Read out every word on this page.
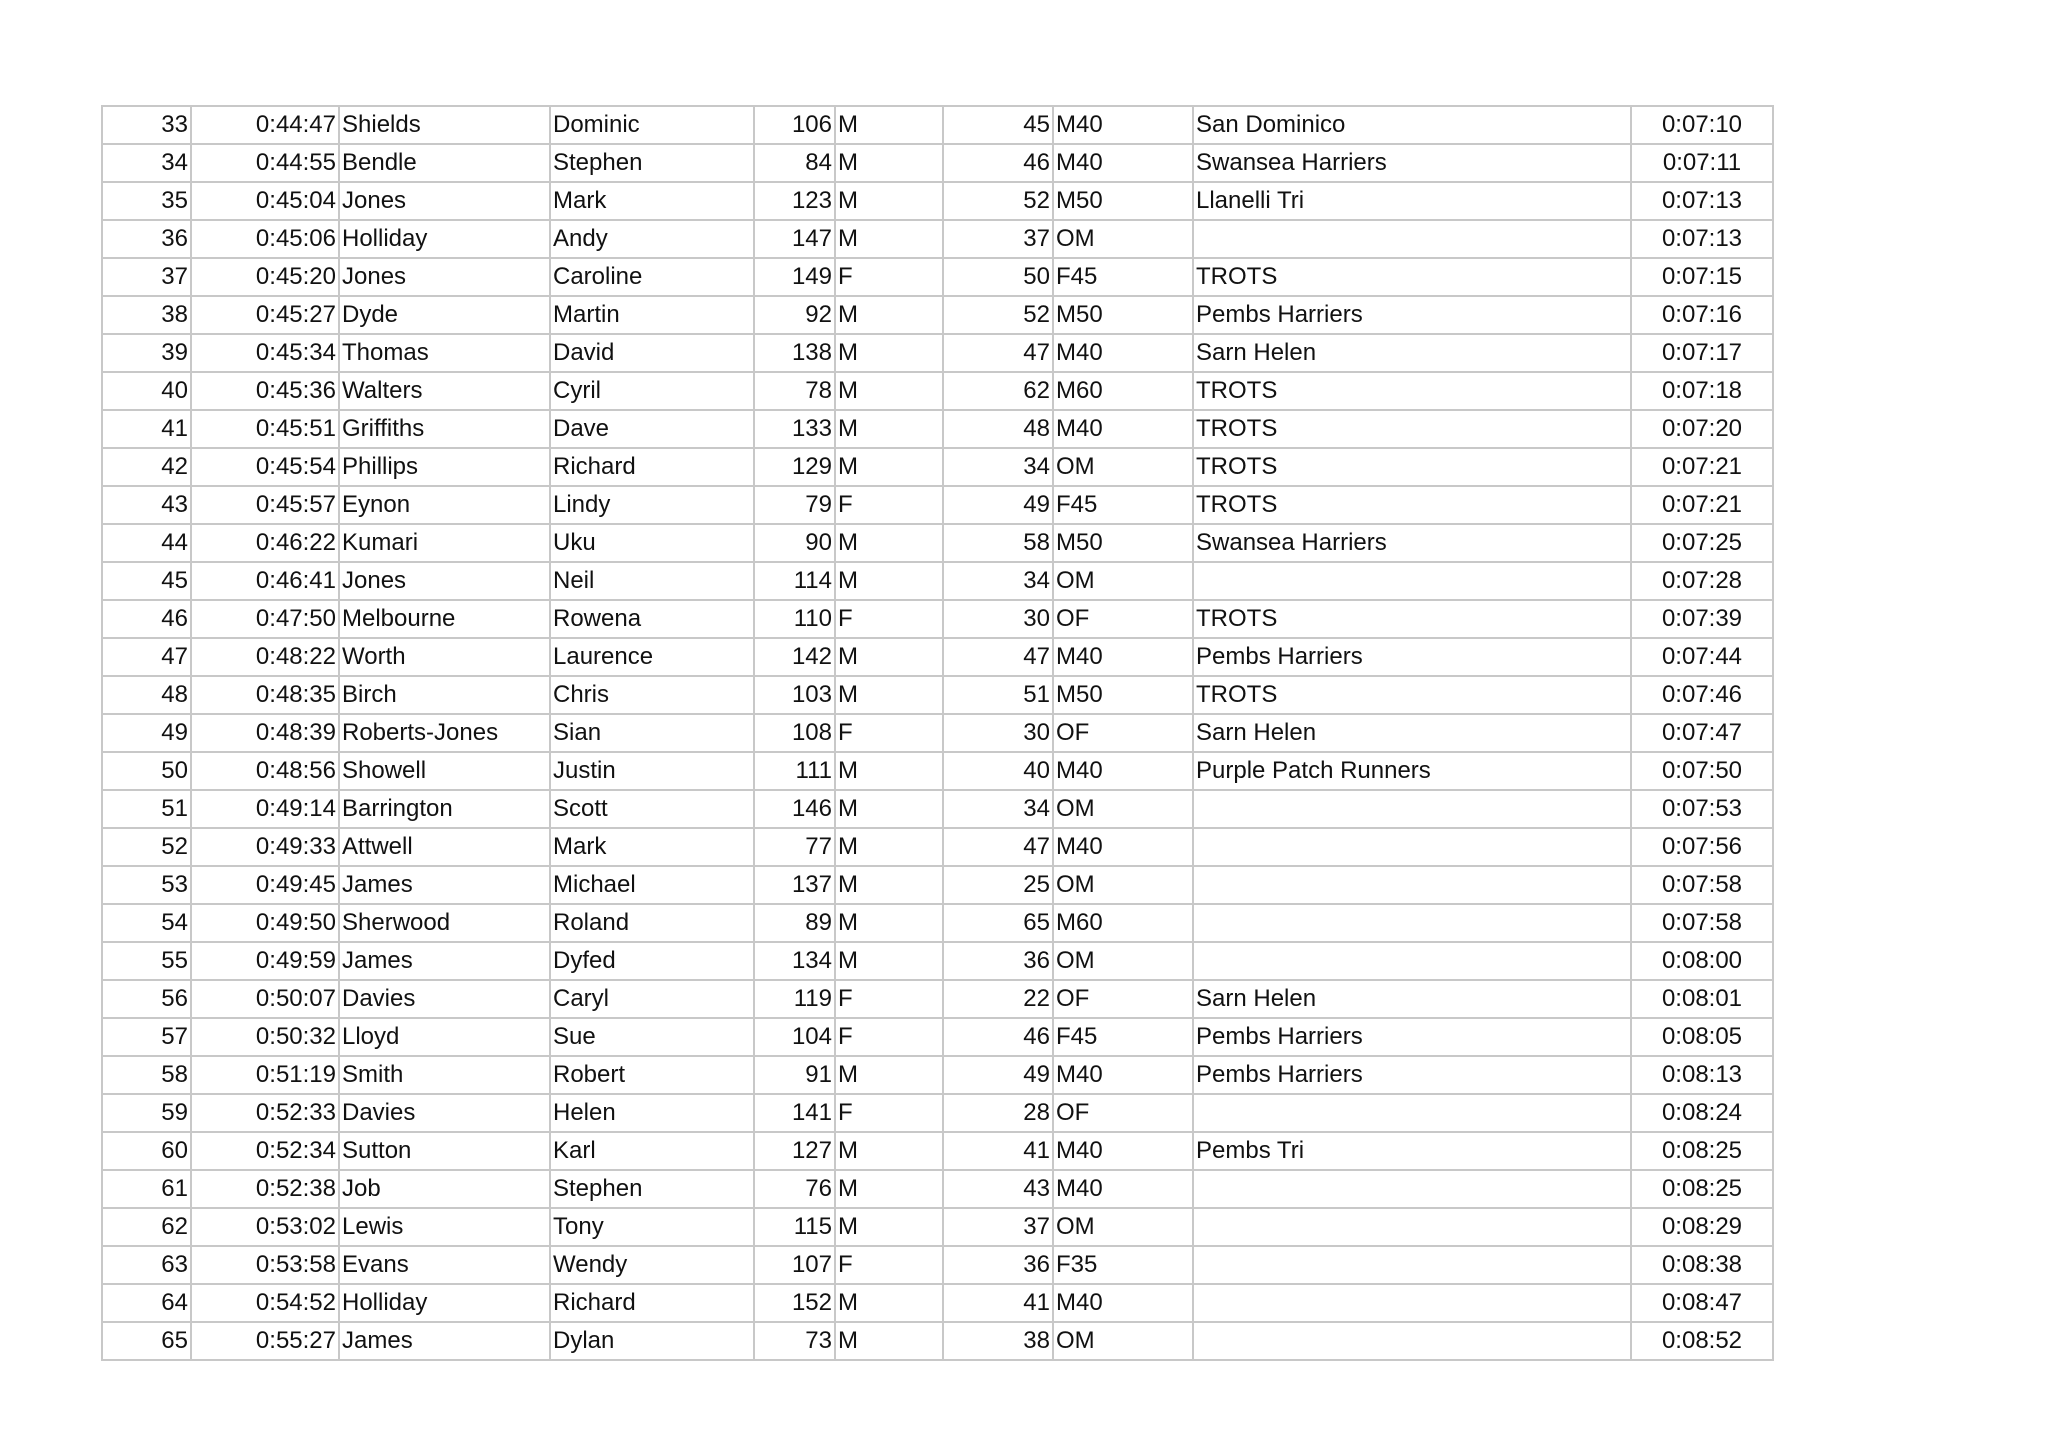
33	0:44:47	Shields	Dominic	106	M	45	M40	San Dominico	0:07:10
34	0:44:55	Bendle	Stephen	84	M	46	M40	Swansea Harriers	0:07:11
35	0:45:04	Jones	Mark	123	M	52	M50	Llanelli Tri	0:07:13
36	0:45:06	Holliday	Andy	147	M	37	OM		0:07:13
37	0:45:20	Jones	Caroline	149	F	50	F45	TROTS	0:07:15
38	0:45:27	Dyde	Martin	92	M	52	M50	Pembs Harriers	0:07:16
39	0:45:34	Thomas	David	138	M	47	M40	Sarn Helen	0:07:17
40	0:45:36	Walters	Cyril	78	M	62	M60	TROTS	0:07:18
41	0:45:51	Griffiths	Dave	133	M	48	M40	TROTS	0:07:20
42	0:45:54	Phillips	Richard	129	M	34	OM	TROTS	0:07:21
43	0:45:57	Eynon	Lindy	79	F	49	F45	TROTS	0:07:21
44	0:46:22	Kumari	Uku	90	M	58	M50	Swansea Harriers	0:07:25
45	0:46:41	Jones	Neil	114	M	34	OM		0:07:28
46	0:47:50	Melbourne	Rowena	110	F	30	OF	TROTS	0:07:39
47	0:48:22	Worth	Laurence	142	M	47	M40	Pembs Harriers	0:07:44
48	0:48:35	Birch	Chris	103	M	51	M50	TROTS	0:07:46
49	0:48:39	Roberts-Jones	Sian	108	F	30	OF	Sarn Helen	0:07:47
50	0:48:56	Showell	Justin	111	M	40	M40	Purple Patch Runners	0:07:50
51	0:49:14	Barrington	Scott	146	M	34	OM		0:07:53
52	0:49:33	Attwell	Mark	77	M	47	M40		0:07:56
53	0:49:45	James	Michael	137	M	25	OM		0:07:58
54	0:49:50	Sherwood	Roland	89	M	65	M60		0:07:58
55	0:49:59	James	Dyfed	134	M	36	OM		0:08:00
56	0:50:07	Davies	Caryl	119	F	22	OF	Sarn Helen	0:08:01
57	0:50:32	Lloyd	Sue	104	F	46	F45	Pembs Harriers	0:08:05
58	0:51:19	Smith	Robert	91	M	49	M40	Pembs Harriers	0:08:13
59	0:52:33	Davies	Helen	141	F	28	OF		0:08:24
60	0:52:34	Sutton	Karl	127	M	41	M40	Pembs Tri	0:08:25
61	0:52:38	Job	Stephen	76	M	43	M40		0:08:25
62	0:53:02	Lewis	Tony	115	M	37	OM		0:08:29
63	0:53:58	Evans	Wendy	107	F	36	F35		0:08:38
64	0:54:52	Holliday	Richard	152	M	41	M40		0:08:47
65	0:55:27	James	Dylan	73	M	38	OM		0:08:52
